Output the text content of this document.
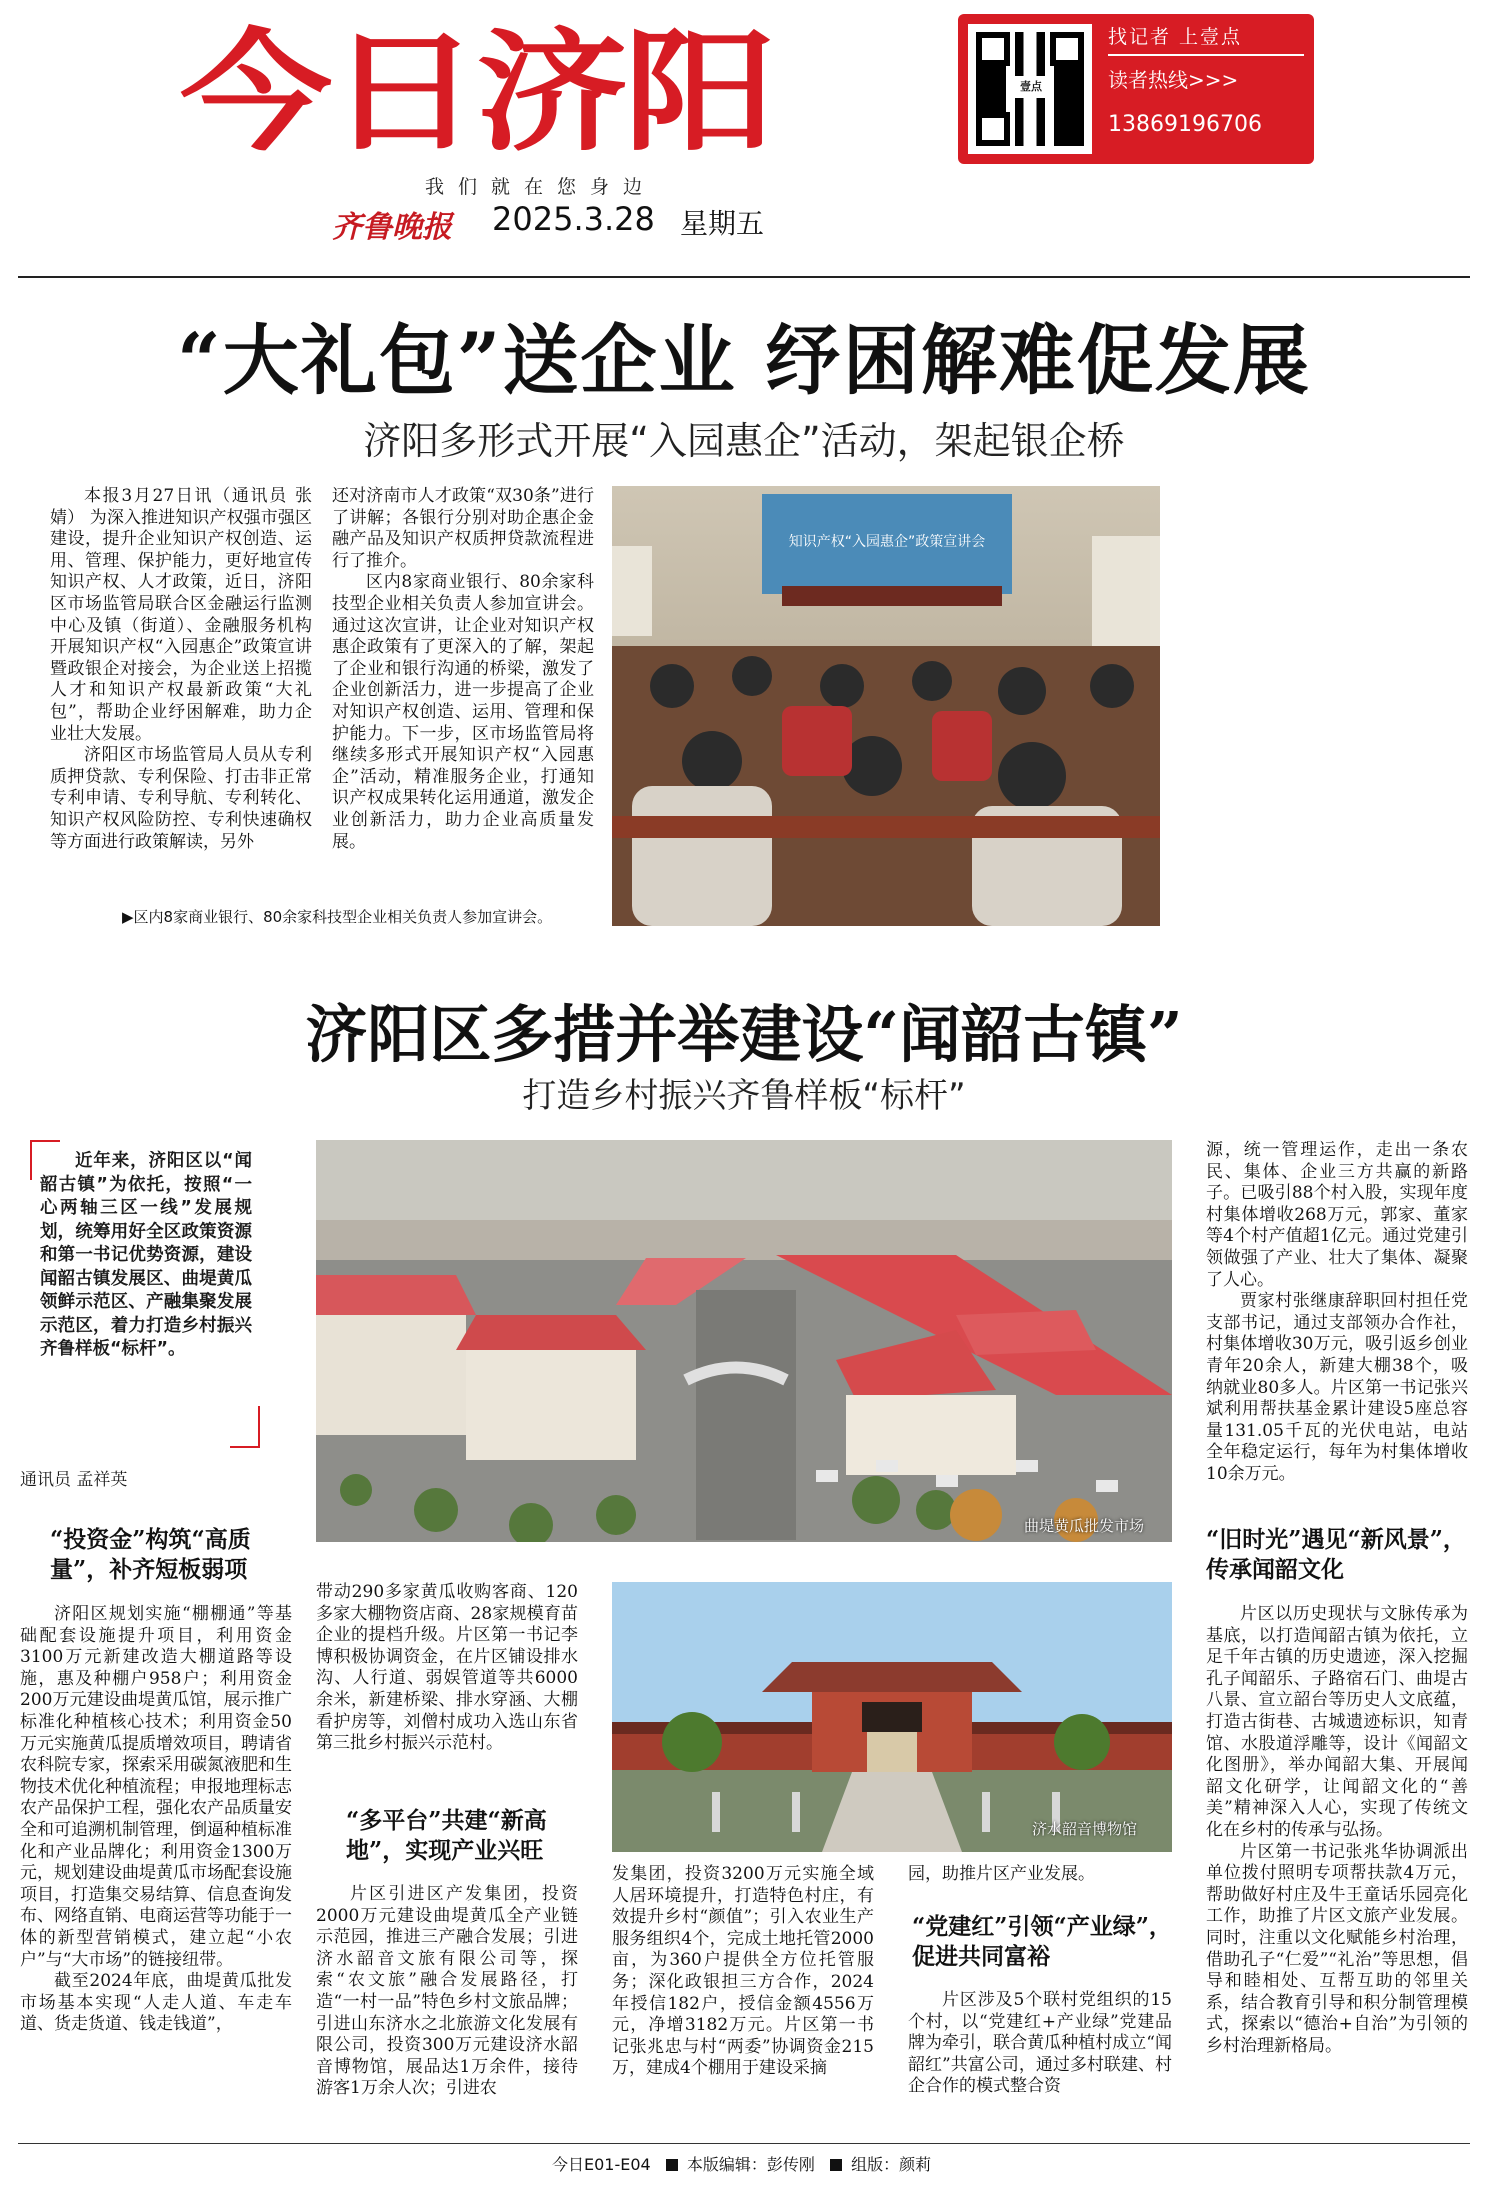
今日济阳
我们就在您身边
齐鲁晚报 2025.3.28 星期五
壹点
找记者 上壹点
读者热线>>>
13869196706
“大礼包”送企业 纾困解难促发展
济阳多形式开展“入园惠企”活动，架起银企桥

本报3月27日讯（通讯员 张婧） 为深入推进知识产权强市强区建设，提升企业知识产权创造、运用、管理、保护能力，更好地宣传知识产权、人才政策，近日，济阳区市场监管局联合区金融运行监测中心及镇（街道）、金融服务机构开展知识产权“入园惠企”政策宣讲暨政银企对接会，为企业送上招揽人才和知识产权最新政策“大礼包”，帮助企业纾困解难，助力企业壮大发展。

济阳区市场监管局人员从专利质押贷款、专利保险、打击非正常专利申请、专利导航、专利转化、知识产权风险防控、专利快速确权等方面进行政策解读，另外

还对济南市人才政策“双30条”进行了讲解；各银行分别对助企惠企金融产品及知识产权质押贷款流程进行了推介。

区内8家商业银行、80余家科技型企业相关负责人参加宣讲会。通过这次宣讲，让企业对知识产权惠企政策有了更深入的了解，架起了企业和银行沟通的桥梁，激发了企业创新活力，进一步提高了企业对知识产权创造、运用、管理和保护能力。下一步，区市场监管局将继续多形式开展知识产权“入园惠企”活动，精准服务企业，打通知识产权成果转化运用通道，激发企业创新活力，助力企业高质量发展。

知识产权“入园惠企”政策宣讲会
▶区内8家商业银行、80余家科技型企业相关负责人参加宣讲会。
济阳区多措并举建设“闻韶古镇”
打造乡村振兴齐鲁样板“标杆”

近年来，济阳区以“闻韶古镇”为依托，按照“一心两轴三区一线”发展规划，统筹用好全区政策资源和第一书记优势资源，建设闻韶古镇发展区、曲堤黄瓜领鲜示范区、产融集聚发展示范区，着力打造乡村振兴齐鲁样板“标杆”。

通讯员 孟祥英
曲堤黄瓜批发市场
“投资金”构筑“高质量”，补齐短板弱项

济阳区规划实施“棚棚通”等基础配套设施提升项目，利用资金3100万元新建改造大棚道路等设施，惠及种棚户958户；利用资金200万元建设曲堤黄瓜馆，展示推广标准化种植核心技术；利用资金50万元实施黄瓜提质增效项目，聘请省农科院专家，探索采用碳氮液肥和生物技术优化种植流程；申报地理标志农产品保护工程，强化农产品质量安全和可追溯机制管理，倒逼种植标准化和产业品牌化；利用资金1300万元，规划建设曲堤黄瓜市场配套设施项目，打造集交易结算、信息查询发布、网络直销、电商运营等功能于一体的新型营销模式，建立起“小农户”与“大市场”的链接纽带。

截至2024年底，曲堤黄瓜批发市场基本实现“人走人道、车走车道、货走货道、钱走钱道”，

带动290多家黄瓜收购客商、120多家大棚物资店商、28家规模育苗企业的提档升级。片区第一书记李博积极协调资金，在片区铺设排水沟、人行道、弱娱管道等共6000余米，新建桥梁、排水穿涵、大棚看护房等，刘僧村成功入选山东省第三批乡村振兴示范村。

“多平台”共建“新高地”，实现产业兴旺

片区引进区产发集团，投资2000万元建设曲堤黄瓜全产业链示范园，推进三产融合发展；引进济水韶音文旅有限公司等，探索“农文旅”融合发展路径，打造“一村一品”特色乡村文旅品牌；引进山东济水之北旅游文化发展有限公司，投资300万元建设济水韶音博物馆，展品达1万余件，接待游客1万余人次；引进农

济水韶音博物馆

发集团，投资3200万元实施全域人居环境提升，打造特色村庄，有效提升乡村“颜值”；引入农业生产服务组织4个，完成土地托管2000亩，为360户提供全方位托管服务；深化政银担三方合作，2024年授信182户，授信金额4556万元，净增3182万元。片区第一书记张兆忠与村“两委”协调资金215万，建成4个棚用于建设采摘

园，助推片区产业发展。

“党建红”引领“产业绿”，促进共同富裕

片区涉及5个联村党组织的15个村，以“党建红+产业绿”党建品牌为牵引，联合黄瓜种植村成立“闻韶红”共富公司，通过多村联建、村企合作的模式整合资

源，统一管理运作，走出一条农民、集体、企业三方共赢的新路子。已吸引88个村入股，实现年度村集体增收268万元，郭家、董家等4个村产值超1亿元。通过党建引领做强了产业、壮大了集体、凝聚了人心。

贾家村张继康辞职回村担任党支部书记，通过支部领办合作社，村集体增收30万元，吸引返乡创业青年20余人，新建大棚38个，吸纳就业80多人。片区第一书记张兴斌利用帮扶基金累计建设5座总容量131.05千瓦的光伏电站，电站全年稳定运行，每年为村集体增收10余万元。

“旧时光”遇见“新风景”，传承闻韶文化

片区以历史现状与文脉传承为基底，以打造闻韶古镇为依托，立足千年古镇的历史遗迹，深入挖掘孔子闻韶乐、子路宿石门、曲堤古八景、宣立韶台等历史人文底蕴，打造古街巷、古城遗迹标识，知青馆、水股道浮雕等，设计《闻韶文化图册》，举办闻韶大集、开展闻韶文化研学，让闻韶文化的“善美”精神深入人心，实现了传统文化在乡村的传承与弘扬。

片区第一书记张兆华协调派出单位拨付照明专项帮扶款4万元，帮助做好村庄及牛王童话乐园亮化工作，助推了片区文旅产业发展。同时，注重以文化赋能乡村治理，借助孔子“仁爱”“礼治”等思想，倡导和睦相处、互帮互助的邻里关系，结合教育引导和积分制管理模式，探索以“德治+自治”为引领的乡村治理新格局。

今日E01-E04 本版编辑：彭传刚 组版：颜莉
